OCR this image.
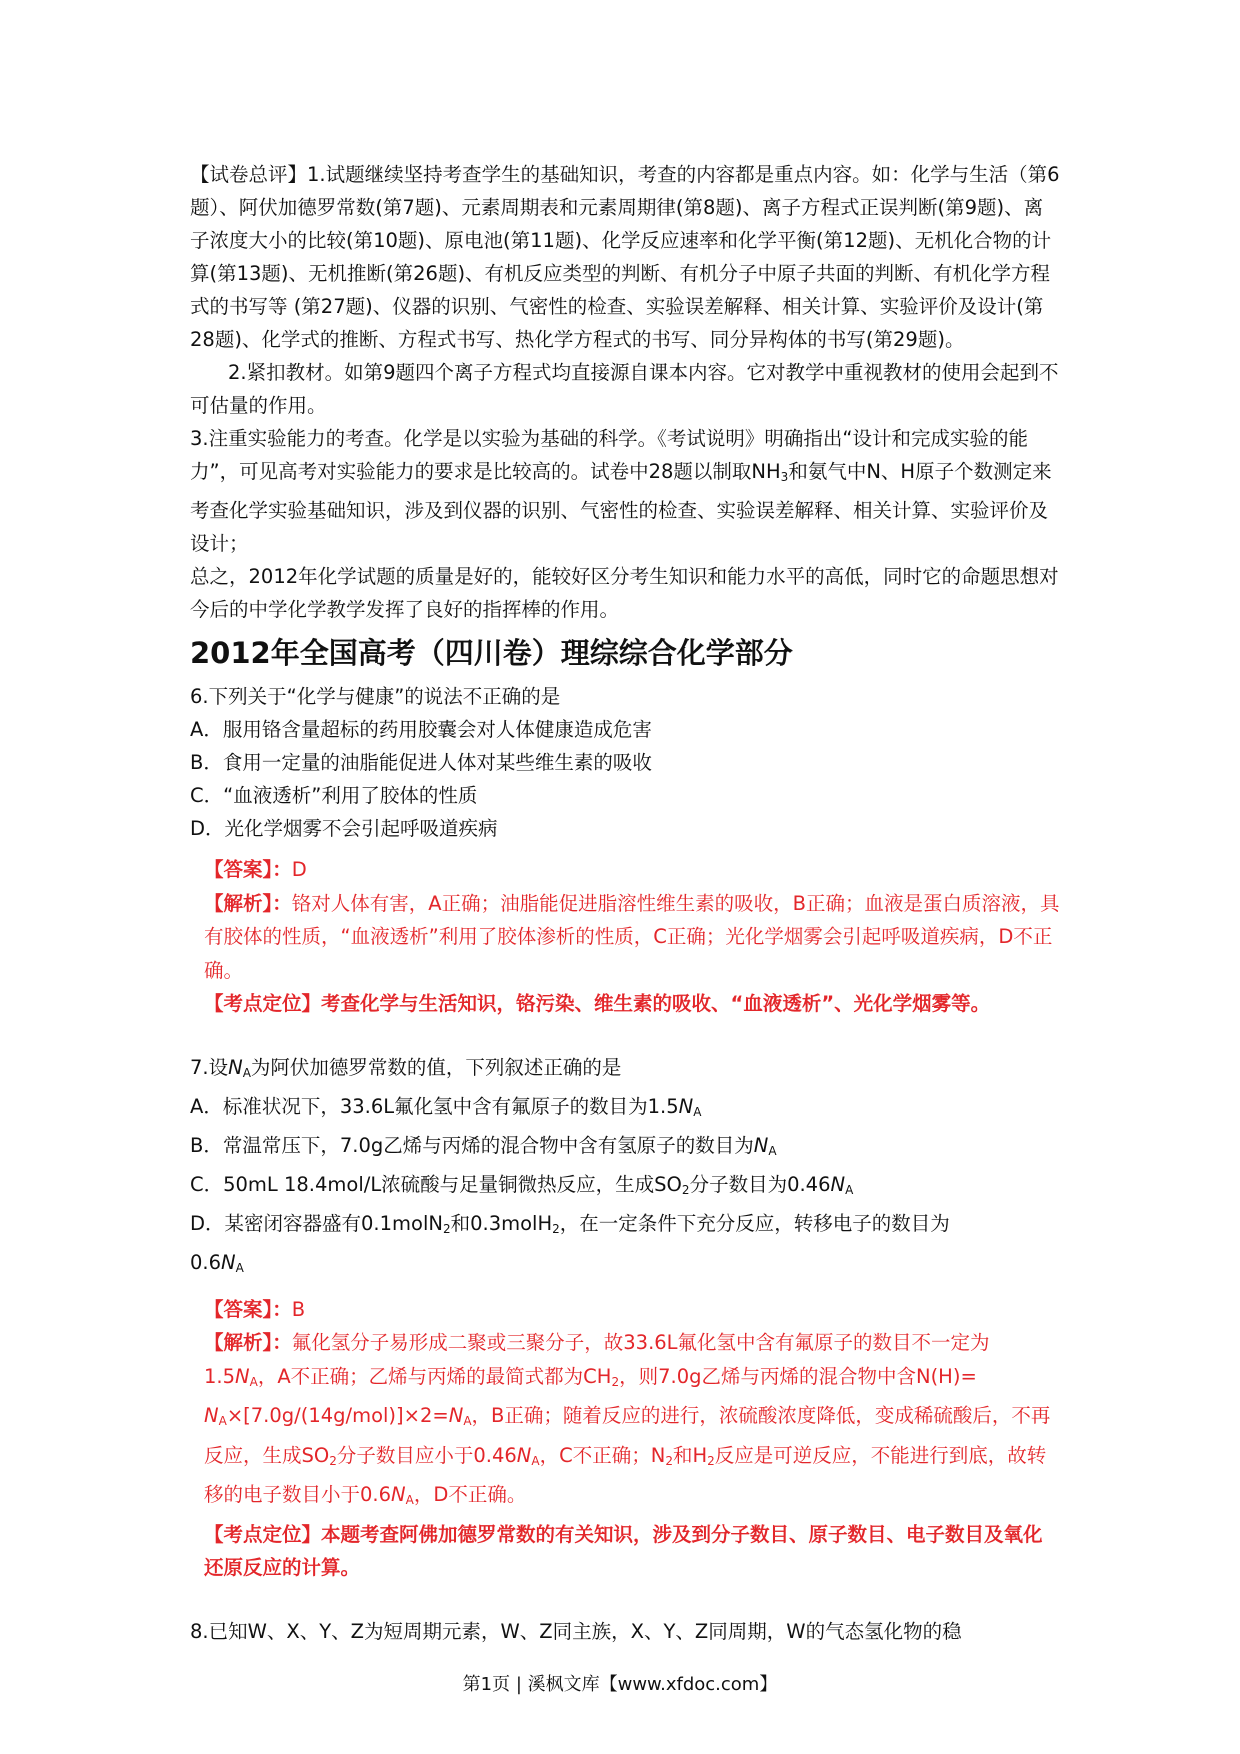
【试卷总评】1.试题继续坚持考查学生的基础知识，考查的内容都是重点内容。如：化学与生活（第6题）、阿伏加德罗常数(第7题)、元素周期表和元素周期律(第8题)、离子方程式正误判断(第9题)、离子浓度大小的比较(第10题)、原电池(第11题)、化学反应速率和化学平衡(第12题)、无机化合物的计算(第13题)、无机推断(第26题)、有机反应类型的判断、有机分子中原子共面的判断、有机化学方程式的书写等 (第27题)、仪器的识别、气密性的检查、实验误差解释、相关计算、实验评价及设计(第28题)、化学式的推断、方程式书写、热化学方程式的书写、同分异构体的书写(第29题)。

2.紧扣教材。如第9题四个离子方程式均直接源自课本内容。它对教学中重视教材的使用会起到不可估量的作用。

3.注重实验能力的考查。化学是以实验为基础的科学。《考试说明》明确指出“设计和完成实验的能力”，可见高考对实验能力的要求是比较高的。试卷中28题以制取$NH_3$和氨气中N、H原子个数测定来考查化学实验基础知识，涉及到仪器的识别、气密性的检查、实验误差解释、相关计算、实验评价及设计；

总之，2012年化学试题的质量是好的，能较好区分考生知识和能力水平的高低，同时它的命题思想对今后的中学化学教学发挥了良好的指挥棒的作用。

2012年全国高考（四川卷）理综综合化学部分

6.下列关于“化学与健康”的说法不正确的是

A．服用铬含量超标的药用胶囊会对人体健康造成危害

B．食用一定量的油脂能促进人体对某些维生素的吸收

C．“血液透析”利用了胶体的性质

D．光化学烟雾不会引起呼吸道疾病

【答案】：D

【解析】：铬对人体有害，A正确；油脂能促进脂溶性维生素的吸收，B正确；血液是蛋白质溶液，具有胶体的性质，“血液透析”利用了胶体渗析的性质，C正确；光化学烟雾会引起呼吸道疾病，D不正确。

【考点定位】考查化学与生活知识，铬污染、维生素的吸收、“血液透析”、光化学烟雾等。

7.设$N_A$为阿伏加德罗常数的值，下列叙述正确的是

A．标准状况下，33.6L氟化氢中含有氟原子的数目为$1.5N_A$

B．常温常压下，7.0g乙烯与丙烯的混合物中含有氢原子的数目为$N_A$

C．50mL 18.4mol/L浓硫酸与足量铜微热反应，生成$SO_2$分子数目为$0.46N_A$

D．某密闭容器盛有0.1molN$_2$和0.3molH$_2$，在一定条件下充分反应，转移电子的数目为
$0.6N_A$

【答案】：B

【解析】：氟化氢分子易形成二聚或三聚分子，故33.6L氟化氢中含有氟原子的数目不一定为$1.5N_A$，A不正确；乙烯与丙烯的最简式都为$CH_2$，则7.0g乙烯与丙烯的混合物中含$N(H)= N_A\times[7.0g/(14g/mol)]\times 2=N_A$，B正确；随着反应的进行，浓硫酸浓度降低，变成稀硫酸后，不再反应，生成$SO_2$分子数目应小于$0.46N_A$，C不正确；$N_2$和$H_2$反应是可逆反应，不能进行到底，故转移的电子数目小于$0.6N_A$，D不正确。

【考点定位】本题考查阿佛加德罗常数的有关知识，涉及到分子数目、原子数目、电子数目及氧化还原反应的计算。

8.已知W、X、Y、Z为短周期元素，W、Z同主族，X、Y、Z同周期，W的气态氢化物的稳

第1页 | 溪枫文库【www.xfdoc.com】
